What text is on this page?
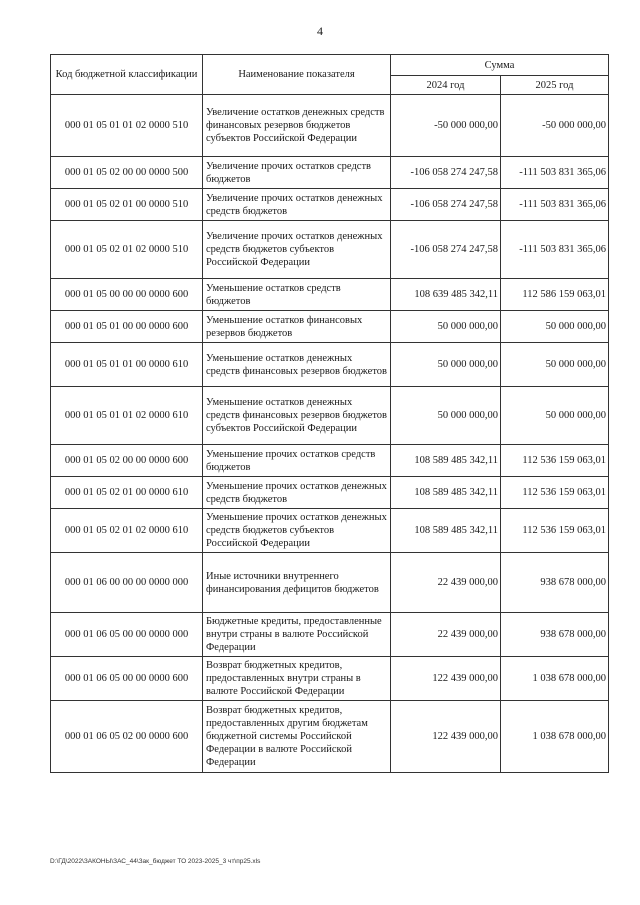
4
Код бюджетной классификации	Наименование показателя	Сумма	
		2024 год	2025 год
000 01 05 01 01 02 0000 510	Увеличение остатков денежных средств финансовых резервов бюджетов субъектов Российской Федерации	-50 000 000,00	-50 000 000,00
000 01 05 02 00 00 0000 500	Увеличение прочих остатков средств бюджетов	-106 058 274 247,58	-111 503 831 365,06
000 01 05 02 01 00 0000 510	Увеличение прочих остатков денежных средств бюджетов	-106 058 274 247,58	-111 503 831 365,06
000 01 05 02 01 02 0000 510	Увеличение прочих остатков денежных средств бюджетов субъектов Российской Федерации	-106 058 274 247,58	-111 503 831 365,06
000 01 05 00 00 00 0000 600	Уменьшение остатков средств бюджетов	108 639 485 342,11	112 586 159 063,01
000 01 05 01 00 00 0000 600	Уменьшение остатков финансовых резервов бюджетов	50 000 000,00	50 000 000,00
000 01 05 01 01 00 0000 610	Уменьшение остатков денежных средств финансовых резервов бюджетов	50 000 000,00	50 000 000,00
000 01 05 01 01 02 0000 610	Уменьшение остатков денежных средств финансовых резервов бюджетов субъектов Российской Федерации	50 000 000,00	50 000 000,00
000 01 05 02 00 00 0000 600	Уменьшение прочих остатков средств бюджетов	108 589 485 342,11	112 536 159 063,01
000 01 05 02 01 00 0000 610	Уменьшение прочих остатков денежных средств бюджетов	108 589 485 342,11	112 536 159 063,01
000 01 05 02 01 02 0000 610	Уменьшение прочих остатков денежных средств бюджетов субъектов Российской Федерации	108 589 485 342,11	112 536 159 063,01
000 01 06 00 00 00 0000 000	Иные источники внутреннего финансирования дефицитов бюджетов	22 439 000,00	938 678 000,00
000 01 06 05 00 00 0000 000	Бюджетные кредиты, предоставленные внутри страны в валюте Российской Федерации	22 439 000,00	938 678 000,00
000 01 06 05 00 00 0000 600	Возврат бюджетных кредитов, предоставленных внутри страны в валюте Российской Федерации	122 439 000,00	1 038 678 000,00
000 01 06 05 02 00 0000 600	Возврат бюджетных кредитов, предоставленных другим бюджетам бюджетной системы Российской Федерации в валюте Российской Федерации	122 439 000,00	1 038 678 000,00
D:\ГД\2022\ЗАКОНЫ\ЗАС_44\Зак_бюджет ТО 2023-2025_3 чт\пр25.xls
